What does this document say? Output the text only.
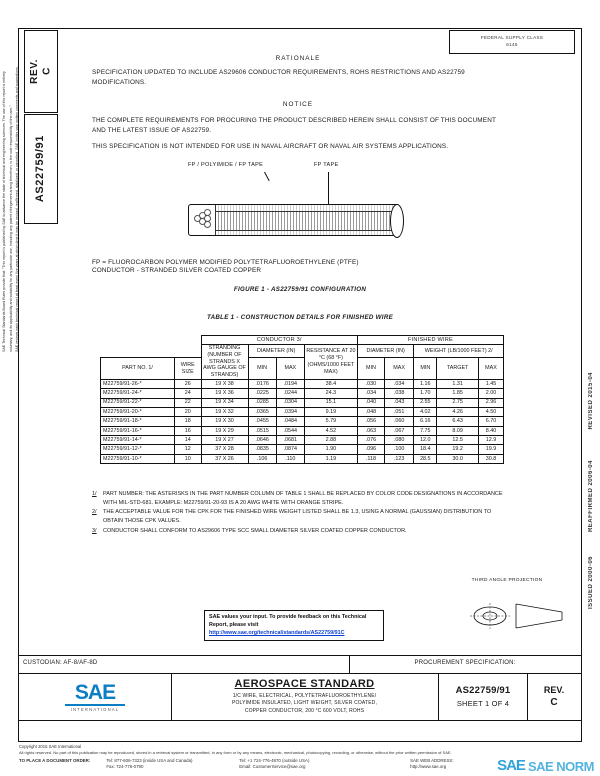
SAE Technical Standards Board Rules provide that: "This report is published by SAE to advance the state of technical and engineering sciences. The use of this report is entirely voluntary, and its applicability and suitability for any particular use, including any patent infringement arising therefrom, is the sole responsibility of the user." SAE reviews each technical report at least every five years at which time it may be revised, reaffirmed, stabilized, or cancelled. SAE invites your written comments and suggestions. REV. C
AS22759/91
FEDERAL SUPPLY CLASS
6145
REVISED 2015-04
REAFFIRMED 2006-04
ISSUED 2000-06
RATIONALE
SPECIFICATION UPDATED TO INCLUDE AS29606 CONDUCTOR REQUIREMENTS, ROHS RESTRICTIONS AND AS22759 MODIFICATIONS.
NOTICE
THE COMPLETE REQUIREMENTS FOR PROCURING THE PRODUCT DESCRIBED HEREIN SHALL CONSIST OF THIS DOCUMENT AND THE LATEST ISSUE OF AS22759.
THIS SPECIFICATION IS NOT INTENDED FOR USE IN NAVAL AIRCRAFT OR NAVAL AIR SYSTEMS APPLICATIONS.
FP / POLYIMIDE / FP TAPE	FP TAPE
FP = FLUOROCARBON POLYMER MODIFIED POLYTETRAFLUOROETHYLENE (PTFE)
CONDUCTOR - STRANDED SILVER COATED COPPER
FIGURE 1 - AS22759/91 CONFIGURATION
TABLE 1 - CONSTRUCTION DETAILS FOR FINISHED WIRE
		CONDUCTOR 3/				FINISHED WIRE				
		STRANDING (NUMBER OF STRANDS X AWG GAUGE OF STRANDS)	DIAMETER (IN)		RESISTANCE AT 20 °C (68 °F) (OHMS/1000 FEET MAX)	DIAMETER (IN)		WEIGHT (LB/1000 FEET) 2/		
PART NO. 1/	WIRE SIZE		MIN	MAX		MIN	MAX	MIN	TARGET	MAX
M22759/91-26-*	26	19 X 38	.0176	.0194	38.4	.030	.034	1.16	1.31	1.45
M22759/91-24-*	24	19 X 36	.0225	.0244	24.3	.034	.038	1.70	1.85	2.00
M22759/91-22-*	22	19 X 34	.0285	.0304	15.1	.040	.043	2.55	2.75	2.96
M22759/91-20-*	20	19 X 32	.0365	.0394	9.19	.048	.051	4.02	4.26	4.50
M22759/91-18-*	18	19 X 30	.0455	.0484	5.79	.056	.060	6.16	6.43	6.70
M22759/91-16-*	16	19 X 29	.0515	.0544	4.52	.063	.067	7.75	8.09	8.40
M22759/91-14-*	14	19 X 27	.0646	.0681	2.88	.076	.080	12.0	12.5	12.9
M22759/91-12-*	12	37 X 28	.0835	.0874	1.90	.096	.100	18.4	19.2	19.9
M22759/91-10-*	10	37 X 26	.106	.110	1.19	.118	.123	28.5	30.0	30.8
1/	PART NUMBER: THE ASTERISKS IN THE PART NUMBER COLUMN OF TABLE 1 SHALL BE REPLACED BY COLOR CODE DESIGNATIONS IN ACCORDANCE WITH MIL-STD-681. EXAMPLE: M22759/91-20-93 IS A 20 AWG WHITE WITH ORANGE STRIPE.
2/	THE ACCEPTABLE VALUE FOR THE CPK FOR THE FINISHED WIRE WEIGHT LISTED SHALL BE 1.3, USING A NORMAL (GAUSSIAN) DISTRIBUTION TO OBTAIN THOSE CPK VALUES.
3/	CONDUCTOR SHALL CONFORM TO AS29606 TYPE SCC SMALL DIAMETER SILVER COATED COPPER CONDUCTOR.
THIRD ANGLE PROJECTION
SAE values your input. To provide feedback on this Technical Report, please visit
http://www.sae.org/technical/standards/AS22759/91C
CUSTODIAN: AF-8/AF-8D	PROCUREMENT SPECIFICATION:
SAE
INTERNATIONAL
AEROSPACE STANDARD
1/C WIRE, ELECTRICAL, POLYTETRAFLUOROETHYLENE/
POLYIMIDE INSULATED, LIGHT WEIGHT, SILVER COATED,
COPPER CONDUCTOR, 200 °C 600 VOLT, ROHS
AS22759/91
SHEET 1 OF 4
REV.
C
Copyright 2015 SAE International
All rights reserved. No part of this publication may be reproduced, stored in a retrieval system or transmitted, in any form or by any means, electronic, mechanical, photocopying, recording, or otherwise, without the prior written permission of SAE.
TO PLACE A DOCUMENT ORDER:	Tel: 877-606-7323 (inside USA and Canada)
Fax: 724-776-0790
Tel: +1 724-776-4970 (outside USA)
Email: CustomerService@sae.org
SAE WEB ADDRESS:
http://www.sae.org	SAE SAE NORM
